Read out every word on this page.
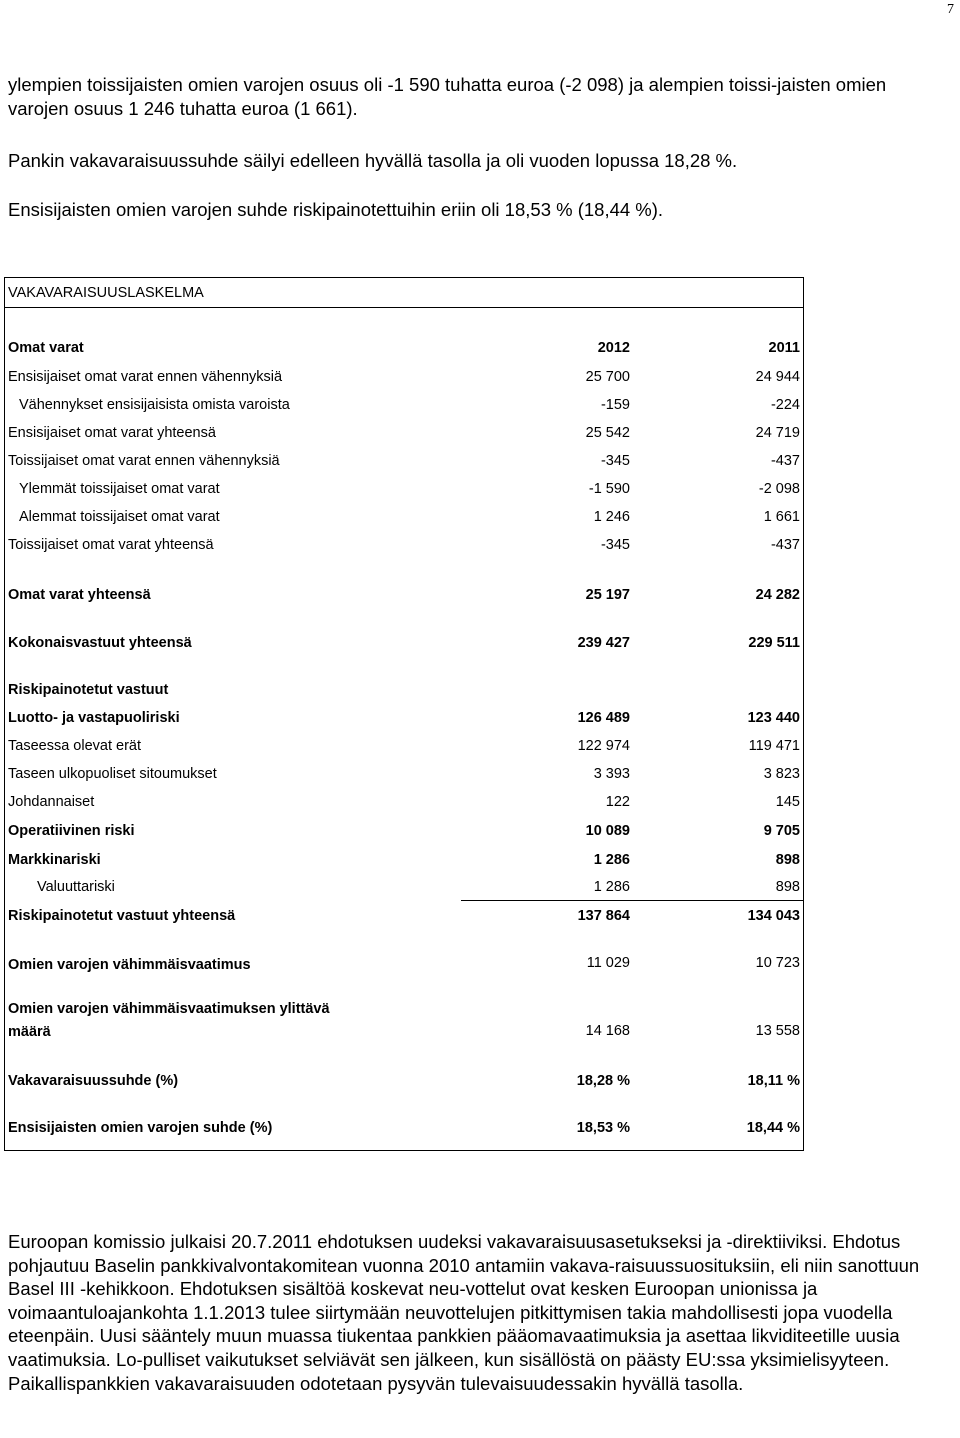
7

ylempien toissijaisten omien varojen osuus oli -1 590 tuhatta euroa (-2 098) ja alempien toissi-jaisten omien varojen osuus 1 246 tuhatta euroa (1 661).

Pankin vakavaraisuussuhde säilyi edelleen hyvällä tasolla ja oli vuoden lopussa 18,28 %.

Ensisijaisten omien varojen suhde riskipainotettuihin eriin oli 18,53 % (18,44 %).

VAKAVARAISUUSLASKELMA
Omat varat	2012	2011
Ensisijaiset omat varat ennen vähennyksiä	25 700	24 944
Vähennykset ensisijaisista omista varoista	-159	-224
Ensisijaiset omat varat yhteensä	25 542	24 719
Toissijaiset omat varat ennen vähennyksiä	-345	-437
Ylemmät toissijaiset omat varat	-1 590	-2 098
Alemmat toissijaiset omat varat	1 246	1 661
Toissijaiset omat varat yhteensä	-345	-437
Omat varat yhteensä	25 197	24 282
Kokonaisvastuut yhteensä	239 427	229 511
Riskipainotetut vastuut
Luotto- ja vastapuoliriski	126 489	123 440
Taseessa olevat erät	122 974	119 471
Taseen ulkopuoliset sitoumukset	3 393	3 823
Johdannaiset	122	145
Operatiivinen riski	10 089	9 705
Markkinariski	1 286	898
Valuuttariski	1 286	898
Riskipainotetut vastuut yhteensä	137 864	134 043
Omien varojen vähimmäisvaatimus	11 029	10 723
Omien varojen vähimmäisvaatimuksen ylittävä
määrä	14 168	13 558
Vakavaraisuussuhde (%)	18,28 %	18,11 %
Ensisijaisten omien varojen suhde (%)	18,53 %	18,44 %

Euroopan komissio julkaisi 20.7.2011 ehdotuksen uudeksi vakavaraisuusasetukseksi ja -direktiiviksi. Ehdotus pohjautuu Baselin pankkivalvontakomitean vuonna 2010 antamiin vakava-raisuussuosituksiin, eli niin sanottuun Basel III -kehikkoon. Ehdotuksen sisältöä koskevat neu-vottelut ovat kesken Euroopan unionissa ja voimaantuloajankohta 1.1.2013 tulee siirtymään neuvottelujen pitkittymisen takia mahdollisesti jopa vuodella eteenpäin. Uusi sääntely muun muassa tiukentaa pankkien pääomavaatimuksia ja asettaa likviditeetille uusia vaatimuksia. Lo-pulliset vaikutukset selviävät sen jälkeen, kun sisällöstä on päästy EU:ssa yksimielisyyteen. Paikallispankkien vakavaraisuuden odotetaan pysyvän tulevaisuudessakin hyvällä tasolla.
